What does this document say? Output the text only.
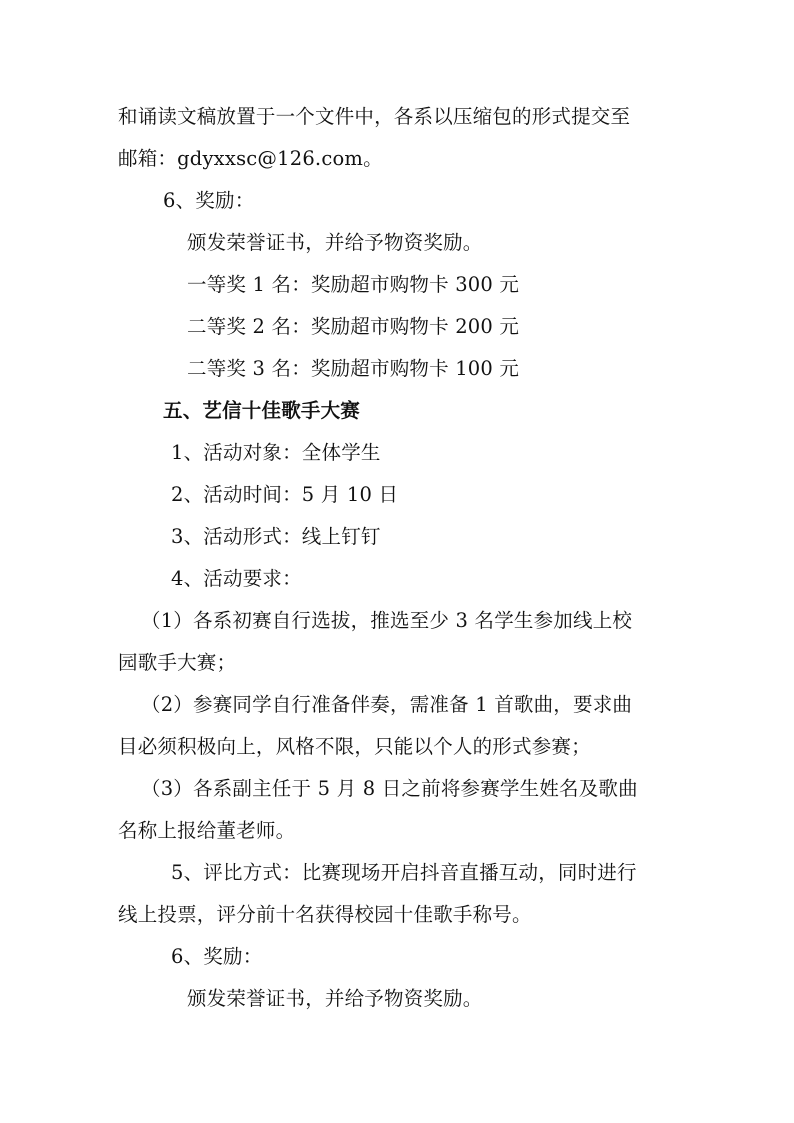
和诵读文稿放置于一个文件中，各系以压缩包的形式提交至
邮箱：gdyxxsc@126.com。
6、奖励：
颁发荣誉证书，并给予物资奖励。
一等奖 1 名：奖励超市购物卡 300 元
二等奖 2 名：奖励超市购物卡 200 元
二等奖 3 名：奖励超市购物卡 100 元
五、艺信十佳歌手大赛
1、活动对象：全体学生
2、活动时间：5 月 10 日
3、活动形式：线上钉钉
4、活动要求：
（1）各系初赛自行选拔，推选至少 3 名学生参加线上校
园歌手大赛；
（2）参赛同学自行准备伴奏，需准备 1 首歌曲，要求曲
目必须积极向上，风格不限，只能以个人的形式参赛；
（3）各系副主任于 5 月 8 日之前将参赛学生姓名及歌曲
名称上报给董老师。
5、评比方式：比赛现场开启抖音直播互动，同时进行
线上投票，评分前十名获得校园十佳歌手称号。
6、奖励：
颁发荣誉证书，并给予物资奖励。
